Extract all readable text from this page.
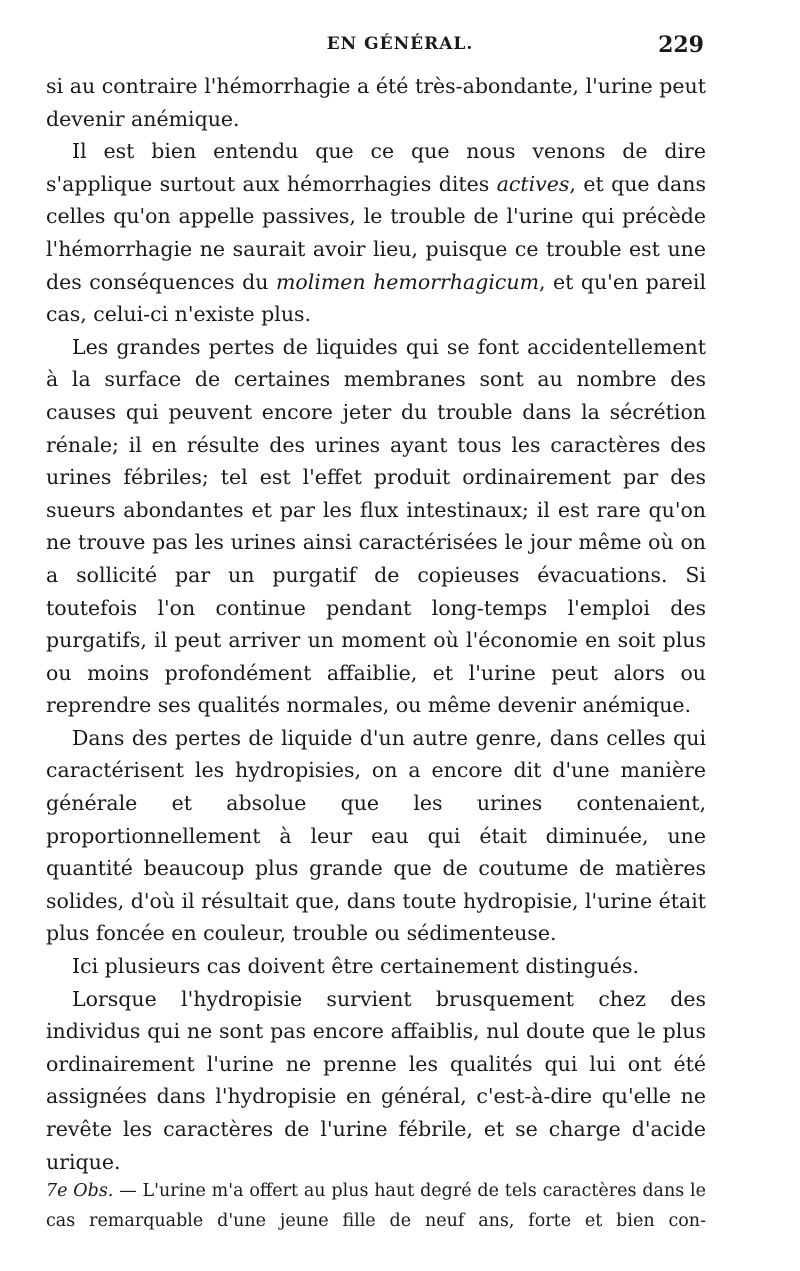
EN GÉNÉRAL.	229

si au contraire l'hémorrhagie a été très-abondante, l'urine peut devenir anémique.

Il est bien entendu que ce que nous venons de dire s'applique surtout aux hémorrhagies dites actives, et que dans celles qu'on appelle passives, le trouble de l'urine qui précède l'hémorrhagie ne saurait avoir lieu, puisque ce trouble est une des conséquences du molimen hemorrhagicum, et qu'en pareil cas, celui-ci n'existe plus.

Les grandes pertes de liquides qui se font accidentellement à la surface de certaines membranes sont au nombre des causes qui peuvent encore jeter du trouble dans la sécrétion rénale; il en résulte des urines ayant tous les caractères des urines fébriles; tel est l'effet produit ordinairement par des sueurs abondantes et par les flux intestinaux; il est rare qu'on ne trouve pas les urines ainsi caractérisées le jour même où on a sollicité par un purgatif de copieuses évacuations. Si toutefois l'on continue pendant long-temps l'emploi des purgatifs, il peut arriver un moment où l'économie en soit plus ou moins profondément affaiblie, et l'urine peut alors ou reprendre ses qualités normales, ou même devenir anémique.

Dans des pertes de liquide d'un autre genre, dans celles qui caractérisent les hydropisies, on a encore dit d'une manière générale et absolue que les urines contenaient, proportionnellement à leur eau qui était diminuée, une quantité beaucoup plus grande que de coutume de matières solides, d'où il résultait que, dans toute hydropisie, l'urine était plus foncée en couleur, trouble ou sédimenteuse.

Ici plusieurs cas doivent être certainement distingués.

Lorsque l'hydropisie survient brusquement chez des individus qui ne sont pas encore affaiblis, nul doute que le plus ordinairement l'urine ne prenne les qualités qui lui ont été assignées dans l'hydropisie en général, c'est-à-dire qu'elle ne revête les caractères de l'urine fébrile, et se charge d'acide urique.

7e Obs. — L'urine m'a offert au plus haut degré de tels caractères dans le cas remarquable d'une jeune fille de neuf ans, forte et bien con-
